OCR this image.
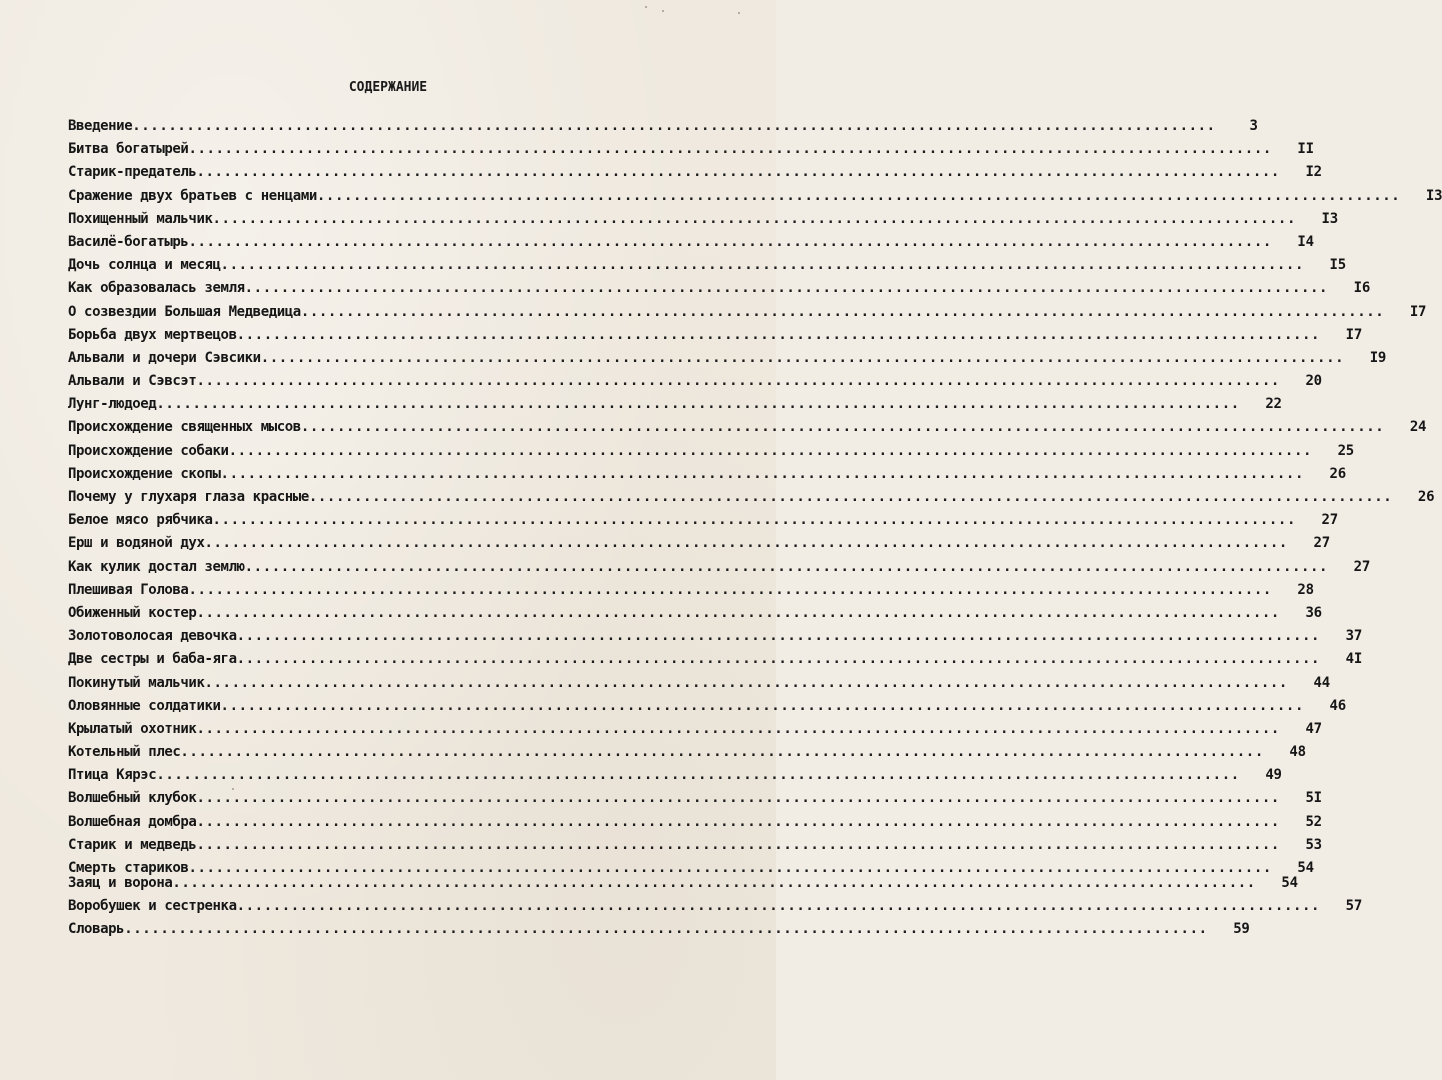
СОДЕРЖАНИЕ
Введение ........................................................................................................................	3
Битва богатырей ........................................................................................................................	II
Старик-предатель ........................................................................................................................	I2
Сражение двух братьев с ненцами ........................................................................................................................	I3
Похищенный мальчик ........................................................................................................................	I3
Василё-богатырь ........................................................................................................................	I4
Дочь солнца и месяц ........................................................................................................................	I5
Как образовалась земля ........................................................................................................................	I6
О созвездии Большая Медведица ........................................................................................................................	I7
Борьба двух мертвецов ........................................................................................................................	I7
Альвали и дочери Сэвсики ........................................................................................................................	I9
Альвали и Сэвсэт ........................................................................................................................	20
Лунг-людоед ........................................................................................................................	22
Происхождение священных мысов ........................................................................................................................	24
Происхождение собаки ........................................................................................................................	25
Происхождение скопы ........................................................................................................................	26
Почему у глухаря глаза красные ........................................................................................................................	26
Белое мясо рябчика ........................................................................................................................	27
Ерш и водяной дух ........................................................................................................................	27
Как кулик достал землю ........................................................................................................................	27
Плешивая Голова ........................................................................................................................	28
Обиженный костер ........................................................................................................................	36
Золотоволосая девочка ........................................................................................................................	37
Две сестры и баба-яга ........................................................................................................................	4I
Покинутый мальчик ........................................................................................................................	44
Оловянные солдатики ........................................................................................................................	46
Крылатый охотник ........................................................................................................................	47
Котельный плес ........................................................................................................................	48
Птица Кярэс ........................................................................................................................	49
Волшебный клубок ........................................................................................................................	5I
Волшебная домбра ........................................................................................................................	52
Старик и медведь ........................................................................................................................	53
Смерть стариков ........................................................................................................................	54
Заяц и ворона ........................................................................................................................	54
Воробушек и сестренка ........................................................................................................................	57
Словарь ........................................................................................................................	59
